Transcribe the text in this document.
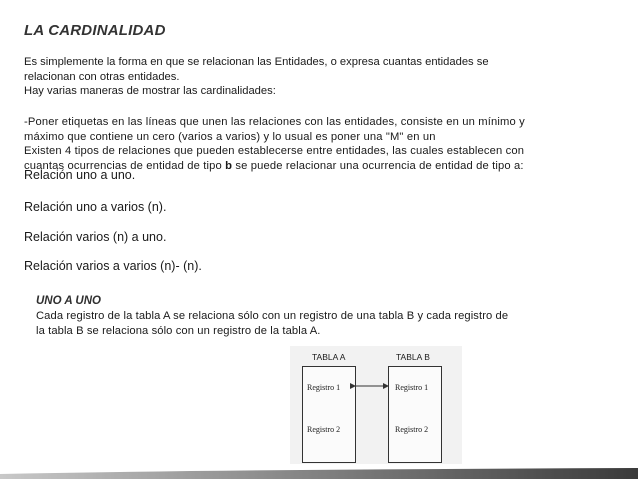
LA CARDINALIDAD

Es simplemente la forma en que se relacionan las Entidades, o expresa cuantas entidades se

relacionan con otras entidades.

Hay varias maneras de mostrar las cardinalidades:

-Poner etiquetas en las líneas que unen las relaciones con las entidades, consiste en un mínimo y

máximo que contiene un cero (varios a varios) y lo usual es poner una "M" en un

Existen 4 tipos de relaciones que pueden establecerse entre entidades, las cuales establecen con

cuantas ocurrencias de entidad de tipo b se puede relacionar una ocurrencia de entidad de tipo a:

Relación uno a uno.

Relación uno a varios (n).

Relación varios (n) a uno.

Relación varios a varios (n)- (n).

UNO A UNO

Cada registro de la tabla A se relaciona sólo con un registro de una tabla B y cada registro de
la tabla B se relaciona sólo con un registro de la tabla A.
TABLA A	TABLA B
Registro 1
Registro 2
Registro 1
Registro 2
